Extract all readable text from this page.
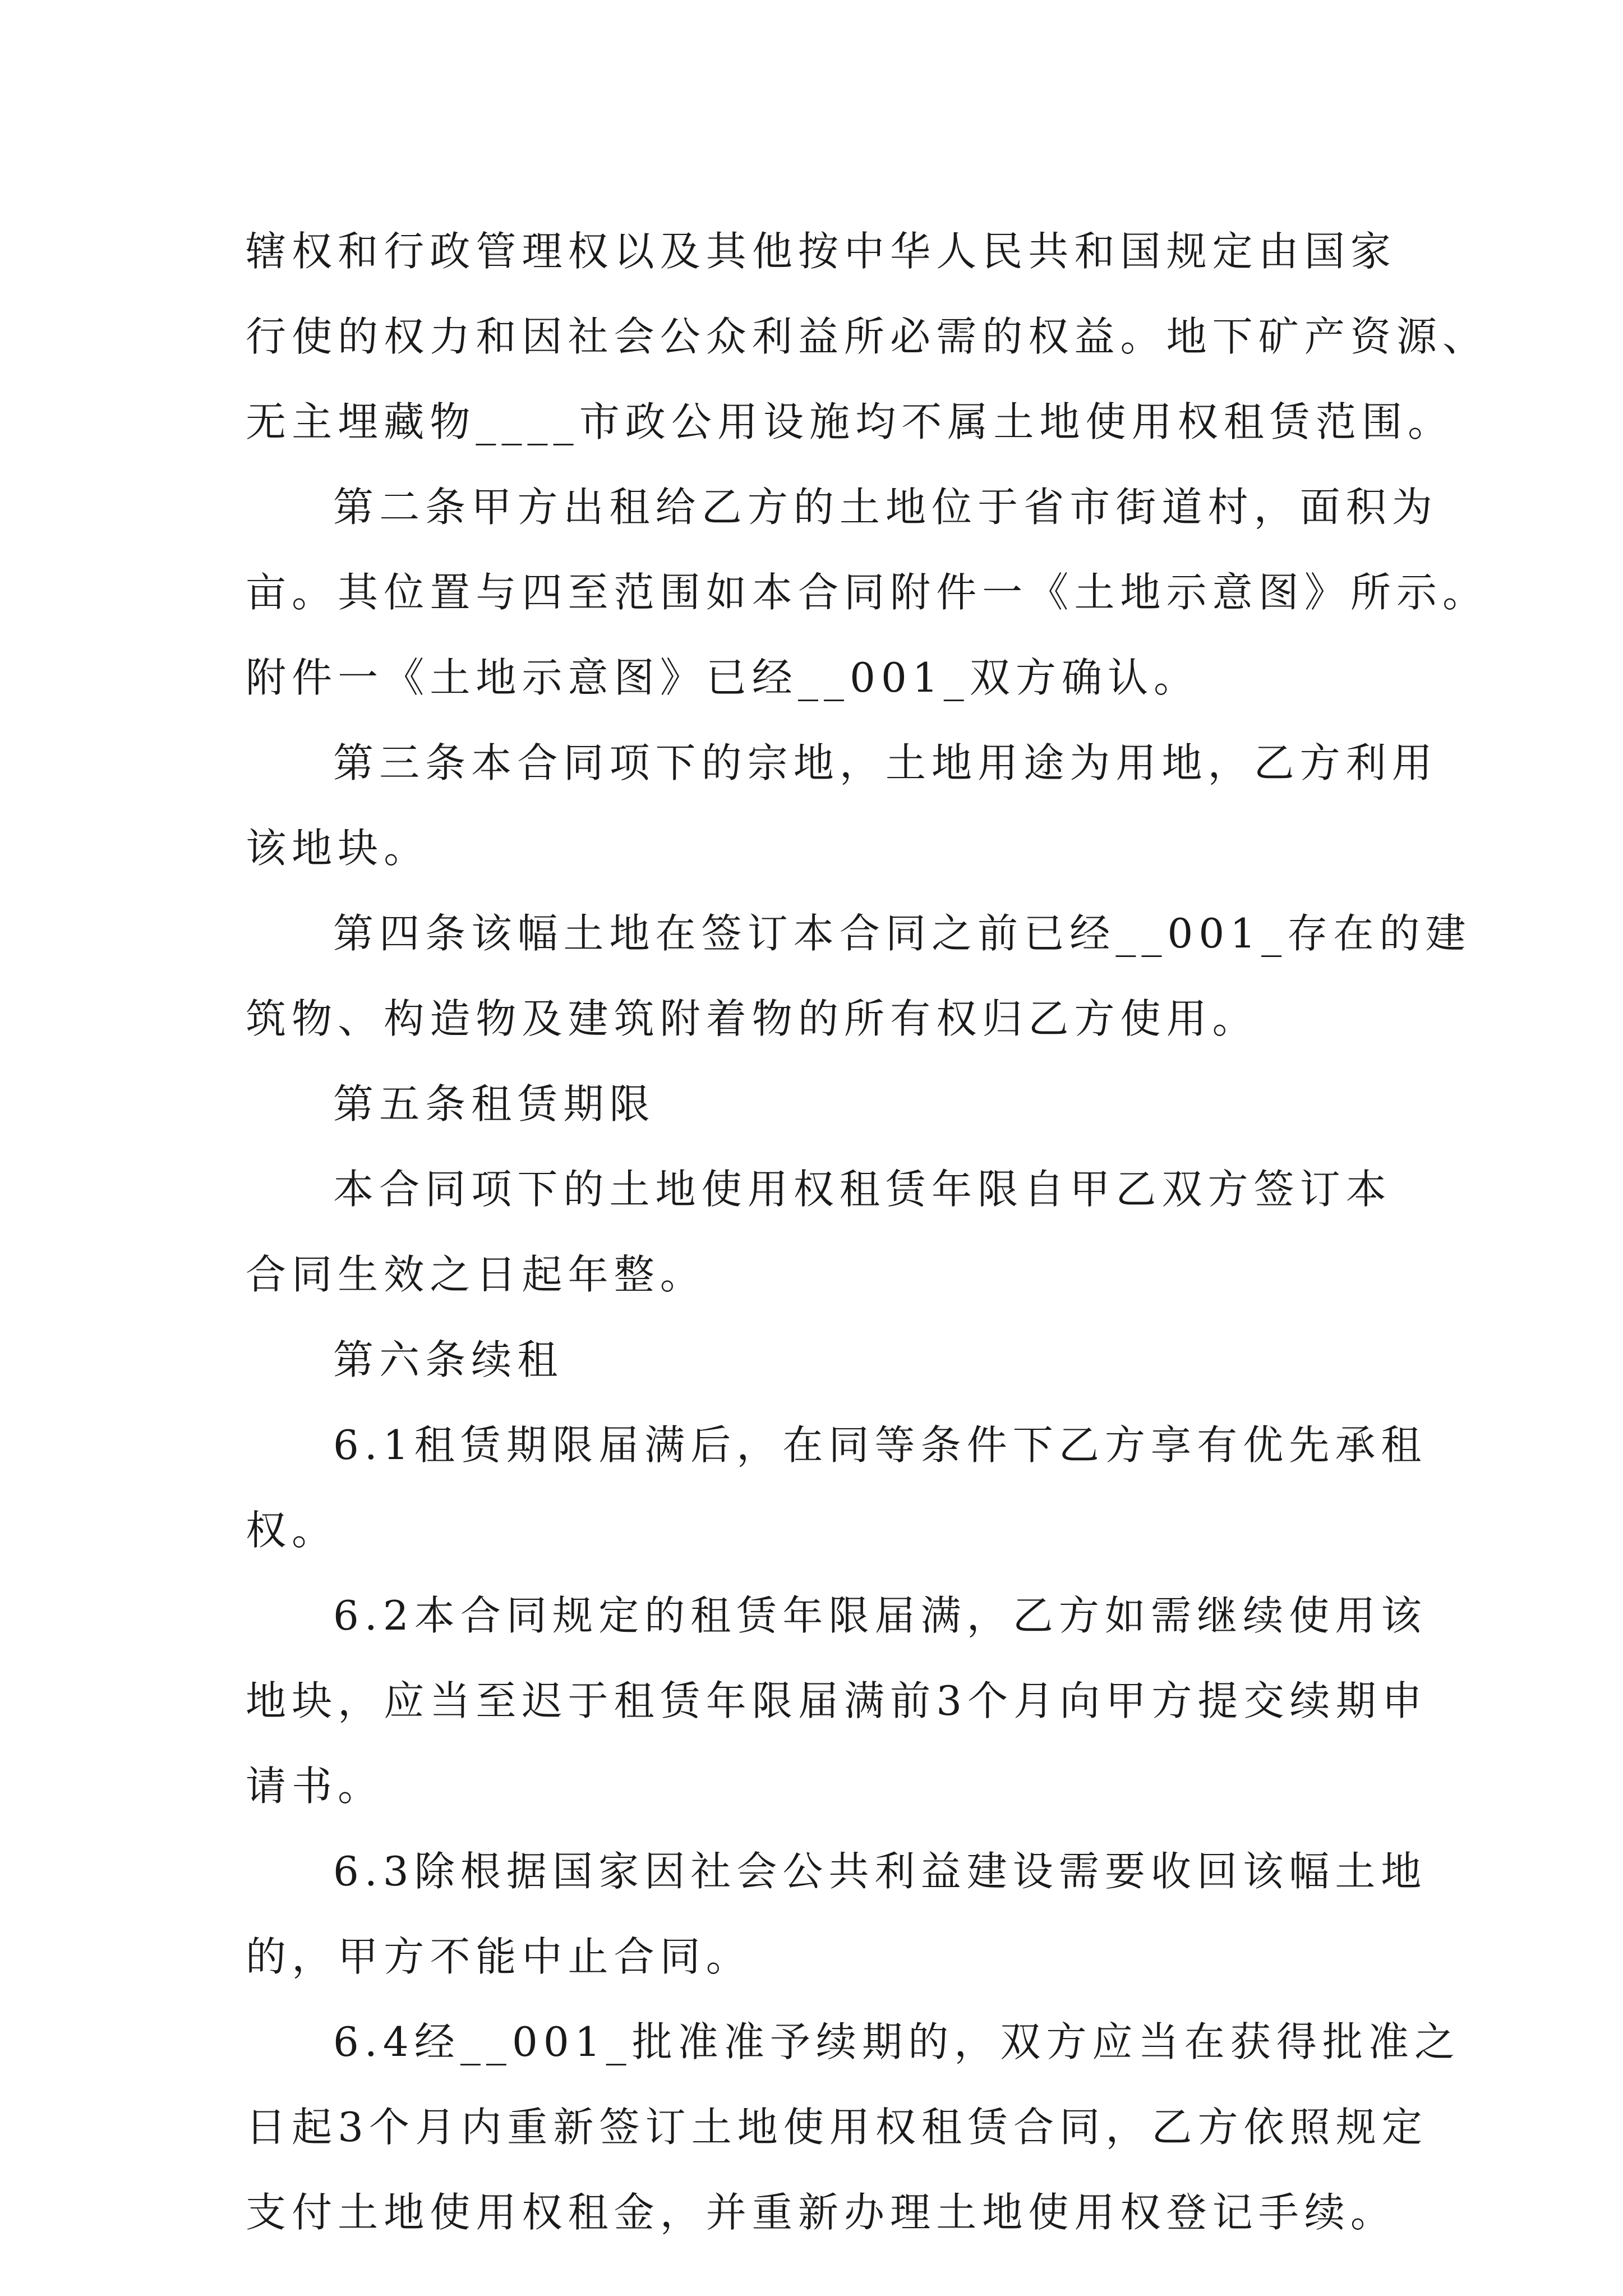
辖权和行政管理权以及其他按中华人民共和国规定由国家
行使的权力和因社会公众利益所必需的权益。地下矿产资源、
无主埋藏物____市政公用设施均不属土地使用权租赁范围。
第二条甲方出租给乙方的土地位于省市街道村，面积为
亩。其位置与四至范围如本合同附件一《土地示意图》所示。
附件一《土地示意图》已经__001_双方确认。
第三条本合同项下的宗地，土地用途为用地，乙方利用
该地块。
第四条该幅土地在签订本合同之前已经__001_存在的建
筑物、构造物及建筑附着物的所有权归乙方使用。
第五条租赁期限
本合同项下的土地使用权租赁年限自甲乙双方签订本
合同生效之日起年整。
第六条续租
6.1租赁期限届满后，在同等条件下乙方享有优先承租
权。
6.2本合同规定的租赁年限届满，乙方如需继续使用该
地块，应当至迟于租赁年限届满前3个月向甲方提交续期申
请书。
6.3除根据国家因社会公共利益建设需要收回该幅土地
的，甲方不能中止合同。
6.4经__001_批准准予续期的，双方应当在获得批准之
日起3个月内重新签订土地使用权租赁合同，乙方依照规定
支付土地使用权租金，并重新办理土地使用权登记手续。
